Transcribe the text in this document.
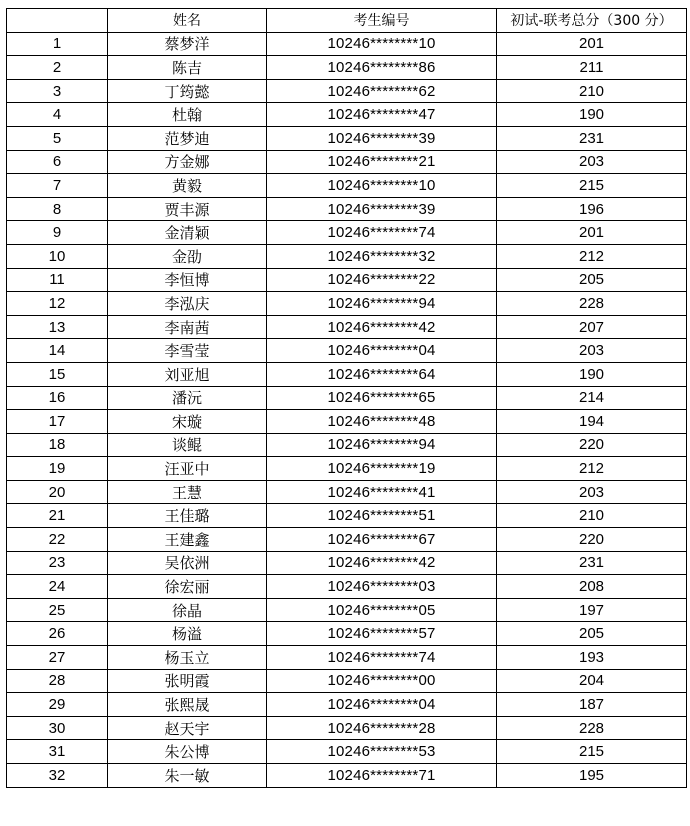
	姓名	考生编号	初试-联考总分（300 分）
1	蔡梦洋	10246********10	201
2	陈吉	10246********86	211
3	丁筠懿	10246********62	210
4	杜翰	10246********47	190
5	范梦迪	10246********39	231
6	方金娜	10246********21	203
7	黄毅	10246********10	215
8	贾丰源	10246********39	196
9	金清颖	10246********74	201
10	金劭	10246********32	212
11	李恒博	10246********22	205
12	李泓庆	10246********94	228
13	李南茜	10246********42	207
14	李雪莹	10246********04	203
15	刘亚旭	10246********64	190
16	潘沅	10246********65	214
17	宋璇	10246********48	194
18	谈鲲	10246********94	220
19	汪亚中	10246********19	212
20	王慧	10246********41	203
21	王佳璐	10246********51	210
22	王建鑫	10246********67	220
23	吴依洲	10246********42	231
24	徐宏丽	10246********03	208
25	徐晶	10246********05	197
26	杨溢	10246********57	205
27	杨玉立	10246********74	193
28	张明霞	10246********00	204
29	张熙晟	10246********04	187
30	赵天宇	10246********28	228
31	朱公博	10246********53	215
32	朱一敏	10246********71	195
